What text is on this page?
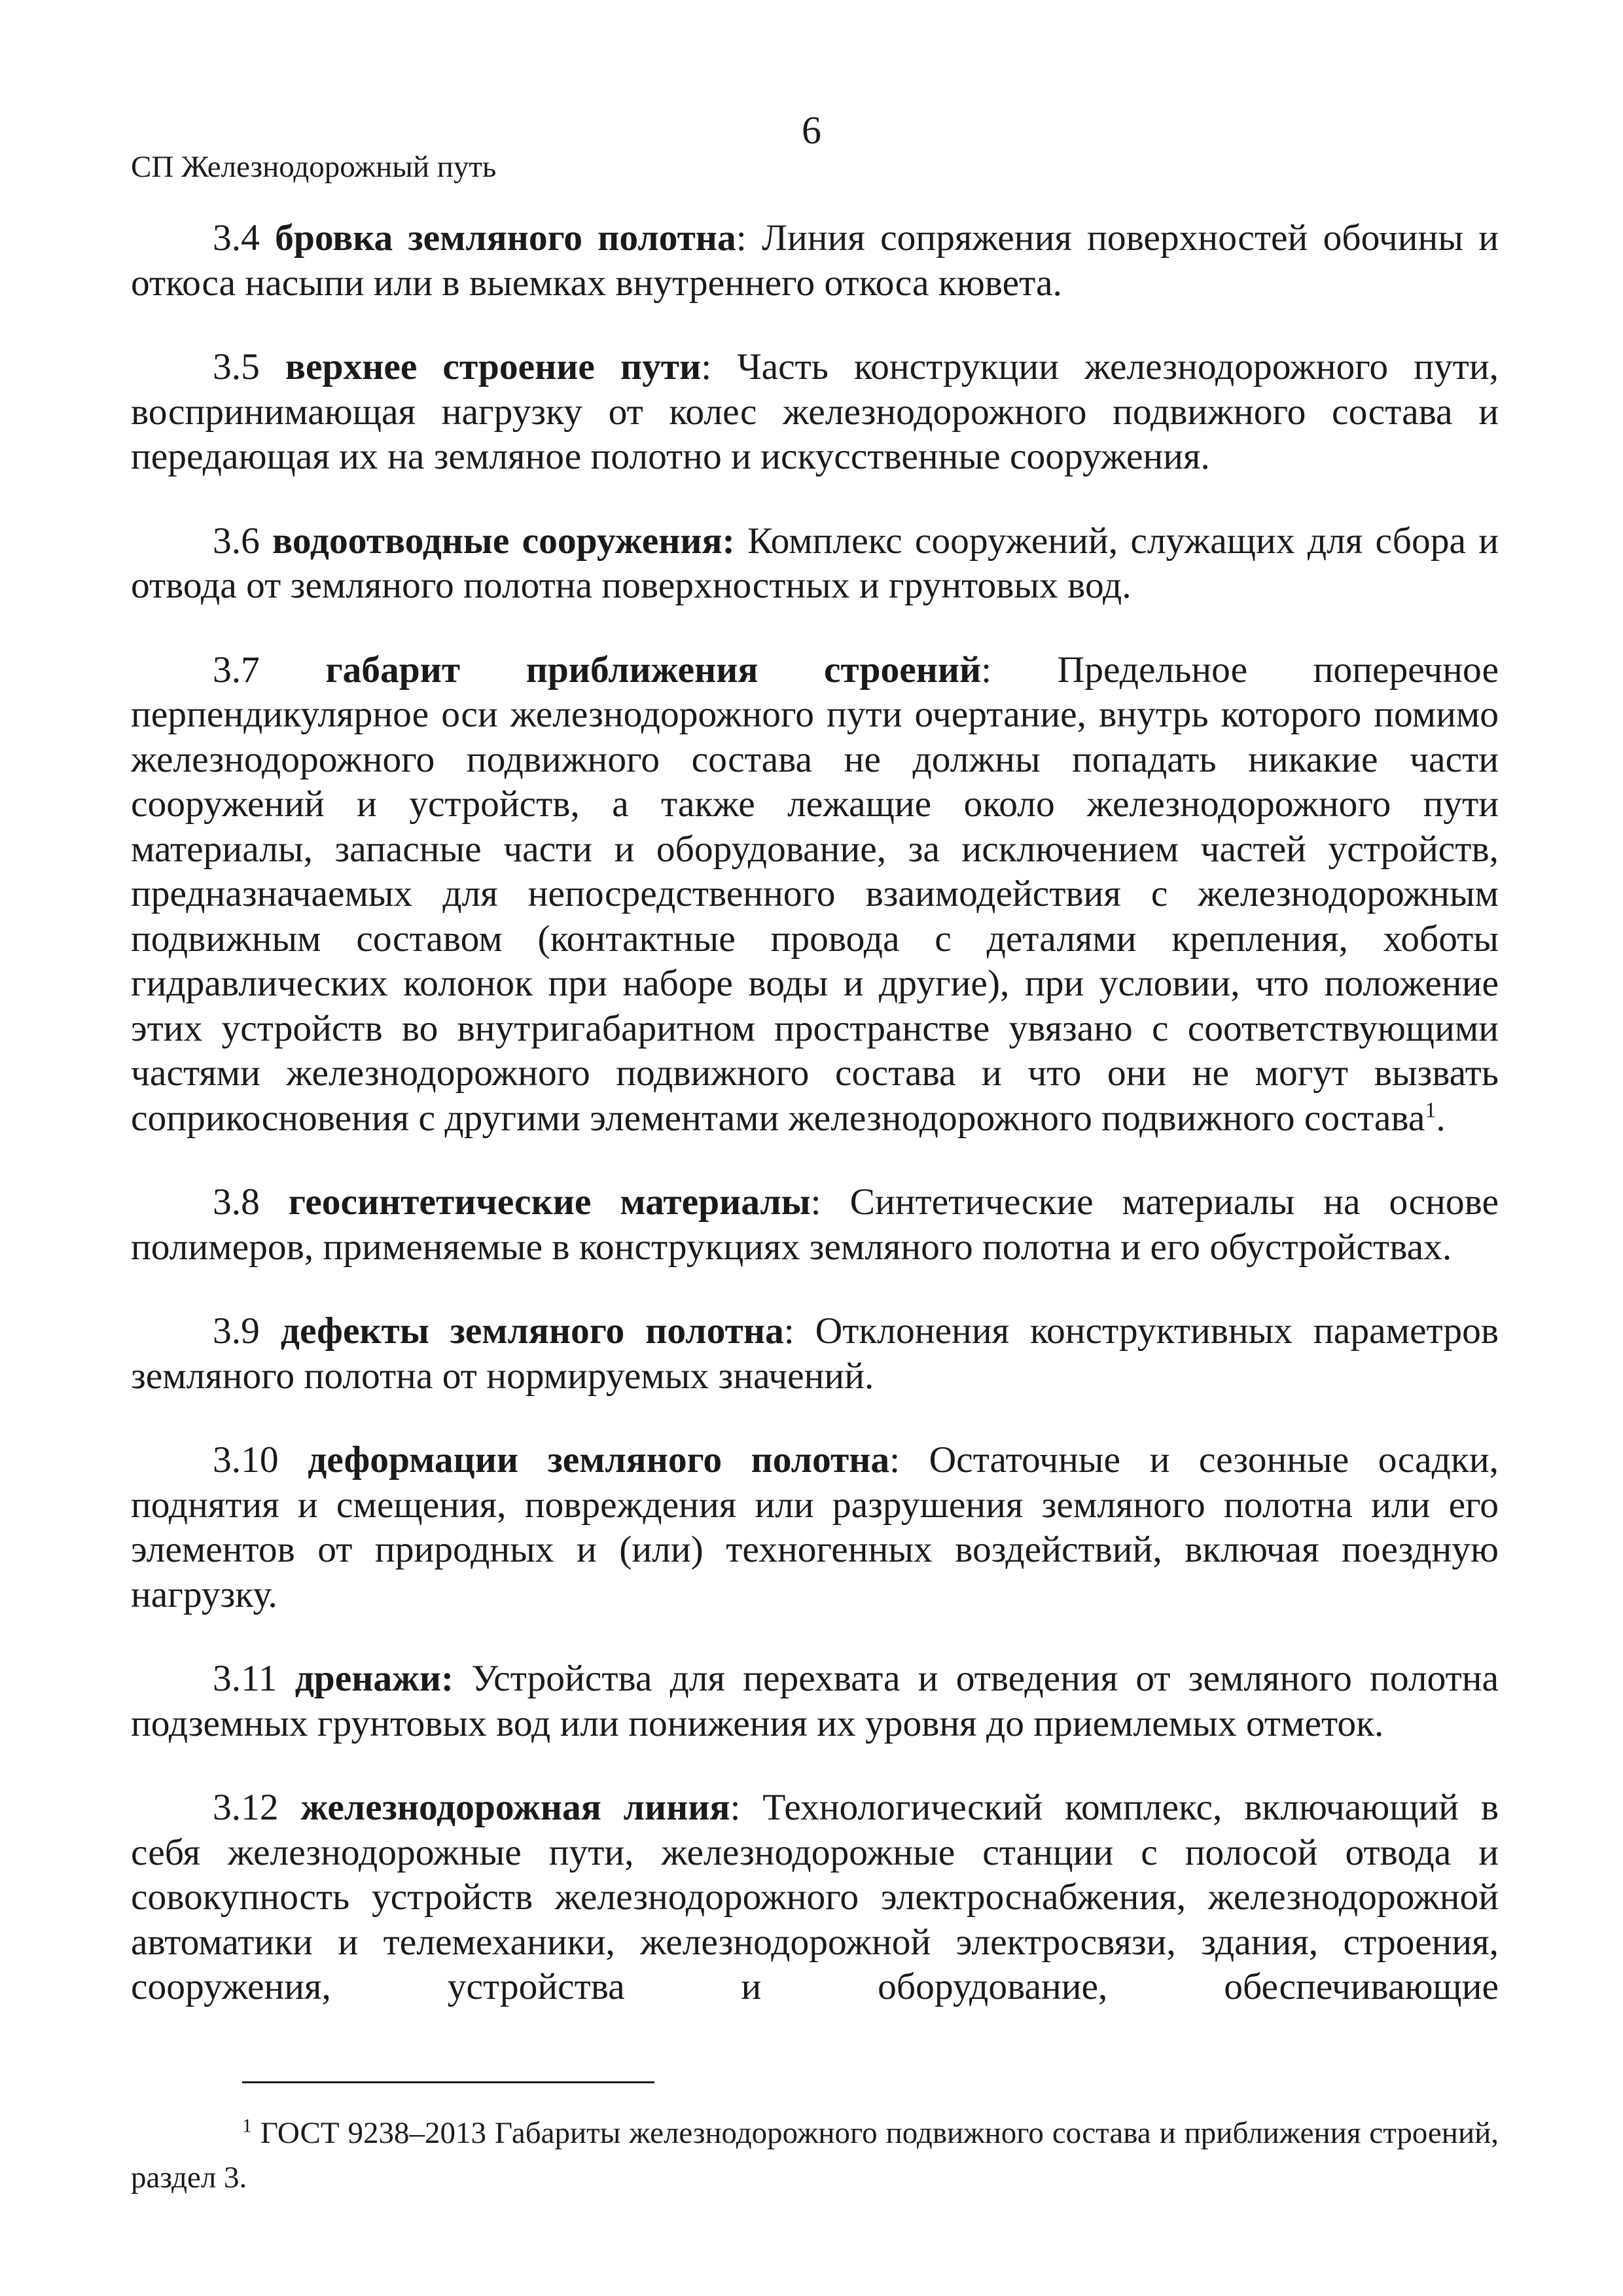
6
СП Железнодорожный путь

3.4 бровка земляного полотна: Линия сопряжения поверхностей обочины и откоса насыпи или в выемках внутреннего откоса кювета.

3.5 верхнее строение пути: Часть конструкции железнодорожного пути, воспринимающая нагрузку от колес железнодорожного подвижного состава и передающая их на земляное полотно и искусственные сооружения.

3.6 водоотводные сооружения: Комплекс сооружений, служащих для сбора и отвода от земляного полотна поверхностных и грунтовых вод.

3.7 габарит приближения строений: Предельное поперечное перпендикулярное оси железнодорожного пути очертание, внутрь которого помимо железнодорожного подвижного состава не должны попадать никакие части сооружений и устройств, а также лежащие около железнодорожного пути материалы, запасные части и оборудование, за исключением частей устройств, предназначаемых для непосредственного взаимодействия с железнодорожным подвижным составом (контактные провода с деталями крепления, хоботы гидравлических колонок при наборе воды и другие), при условии, что положение этих устройств во внутригабаритном пространстве увязано с соответствующими частями железнодорожного подвижного состава и что они не могут вызвать соприкосновения с другими элементами железнодорожного подвижного состава$^1$.

3.8 геосинтетические материалы: Синтетические материалы на основе полимеров, применяемые в конструкциях земляного полотна и его обустройствах.

3.9 дефекты земляного полотна: Отклонения конструктивных параметров земляного полотна от нормируемых значений.

3.10 деформации земляного полотна: Остаточные и сезонные осадки, поднятия и смещения, повреждения или разрушения земляного полотна или его элементов от природных и (или) техногенных воздействий, включая поездную нагрузку.

3.11 дренажи: Устройства для перехвата и отведения от земляного полотна подземных грунтовых вод или понижения их уровня до приемлемых отметок.

3.12 железнодорожная линия: Технологический комплекс, включающий в себя железнодорожные пути, железнодорожные станции с полосой отвода и совокупность устройств железнодорожного электроснабжения, железнодорожной автоматики и телемеханики, железнодорожной электросвязи, здания, строения, сооружения, устройства и оборудование, обеспечивающие

$^1$ ГОСТ 9238–2013 Габариты железнодорожного подвижного состава и приближения строений, раздел 3.
